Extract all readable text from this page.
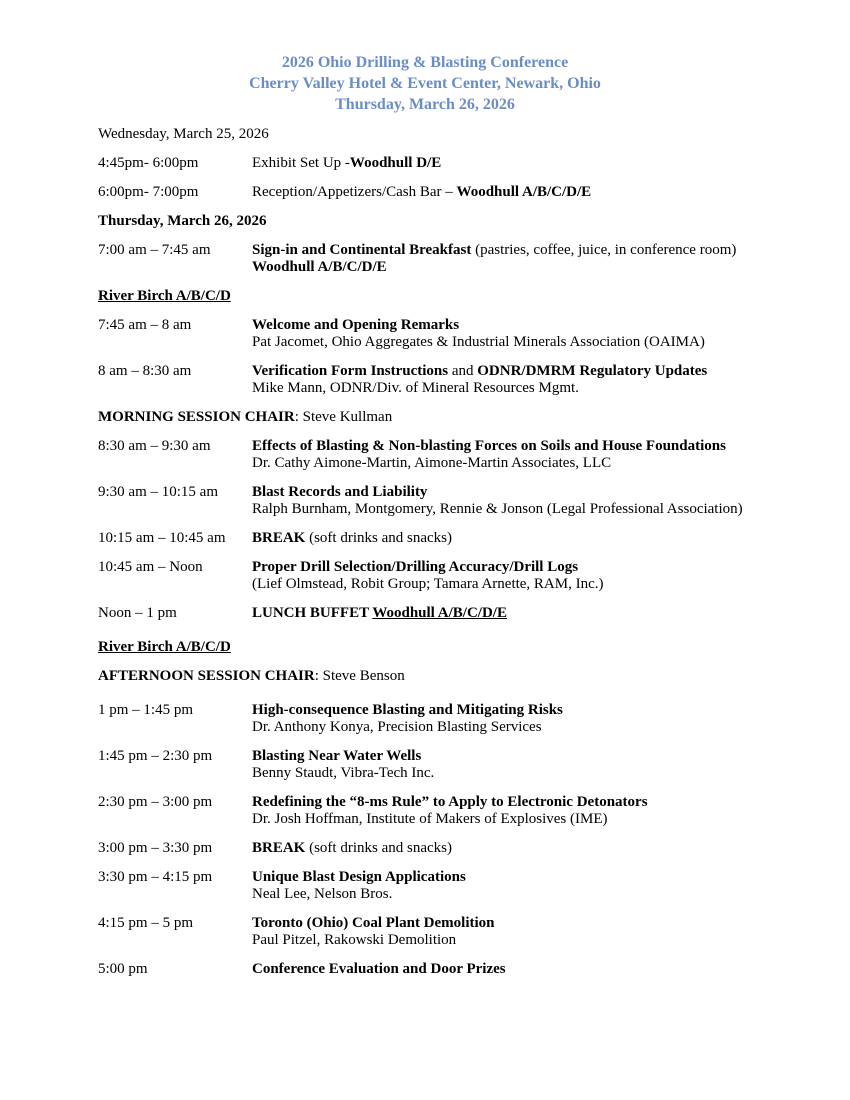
2026 Ohio Drilling & Blasting Conference
Cherry Valley Hotel & Event Center, Newark, Ohio
Thursday, March 26, 2026

Wednesday, March 25, 2026

4:45pm- 6:00pm	Exhibit Set Up -Woodhull D/E

6:00pm- 7:00pm	Reception/Appetizers/Cash Bar – Woodhull A/B/C/D/E

Thursday, March 26, 2026

7:00 am – 7:45 am	Sign-in and Continental Breakfast (pastries, coffee, juice, in conference room)

Woodhull A/B/C/D/E

River Birch A/B/C/D

7:45 am – 8 am	Welcome and Opening Remarks

Pat Jacomet, Ohio Aggregates & Industrial Minerals Association (OAIMA)

8 am – 8:30 am	Verification Form Instructions and ODNR/DMRM Regulatory Updates

Mike Mann, ODNR/Div. of Mineral Resources Mgmt.

MORNING SESSION CHAIR: Steve Kullman

8:30 am – 9:30 am	Effects of Blasting & Non-blasting Forces on Soils and House Foundations

Dr. Cathy Aimone-Martin, Aimone-Martin Associates, LLC

9:30 am – 10:15 am	Blast Records and Liability

Ralph Burnham, Montgomery, Rennie & Jonson (Legal Professional Association)

10:15 am – 10:45 am	BREAK (soft drinks and snacks)

10:45 am – Noon	Proper Drill Selection/Drilling Accuracy/Drill Logs

(Lief Olmstead, Robit Group; Tamara Arnette, RAM, Inc.)

Noon – 1 pm	LUNCH BUFFET Woodhull A/B/C/D/E

River Birch A/B/C/D

AFTERNOON SESSION CHAIR: Steve Benson

1 pm – 1:45 pm	High-consequence Blasting and Mitigating Risks

Dr. Anthony Konya, Precision Blasting Services

1:45 pm – 2:30 pm	Blasting Near Water Wells

Benny Staudt, Vibra-Tech Inc.

2:30 pm – 3:00 pm	Redefining the “8-ms Rule” to Apply to Electronic Detonators

Dr. Josh Hoffman, Institute of Makers of Explosives (IME)

3:00 pm – 3:30 pm	BREAK (soft drinks and snacks)

3:30 pm – 4:15 pm	Unique Blast Design Applications

Neal Lee, Nelson Bros.

4:15 pm – 5 pm	Toronto (Ohio) Coal Plant Demolition

Paul Pitzel, Rakowski Demolition

5:00 pm	Conference Evaluation and Door Prizes
